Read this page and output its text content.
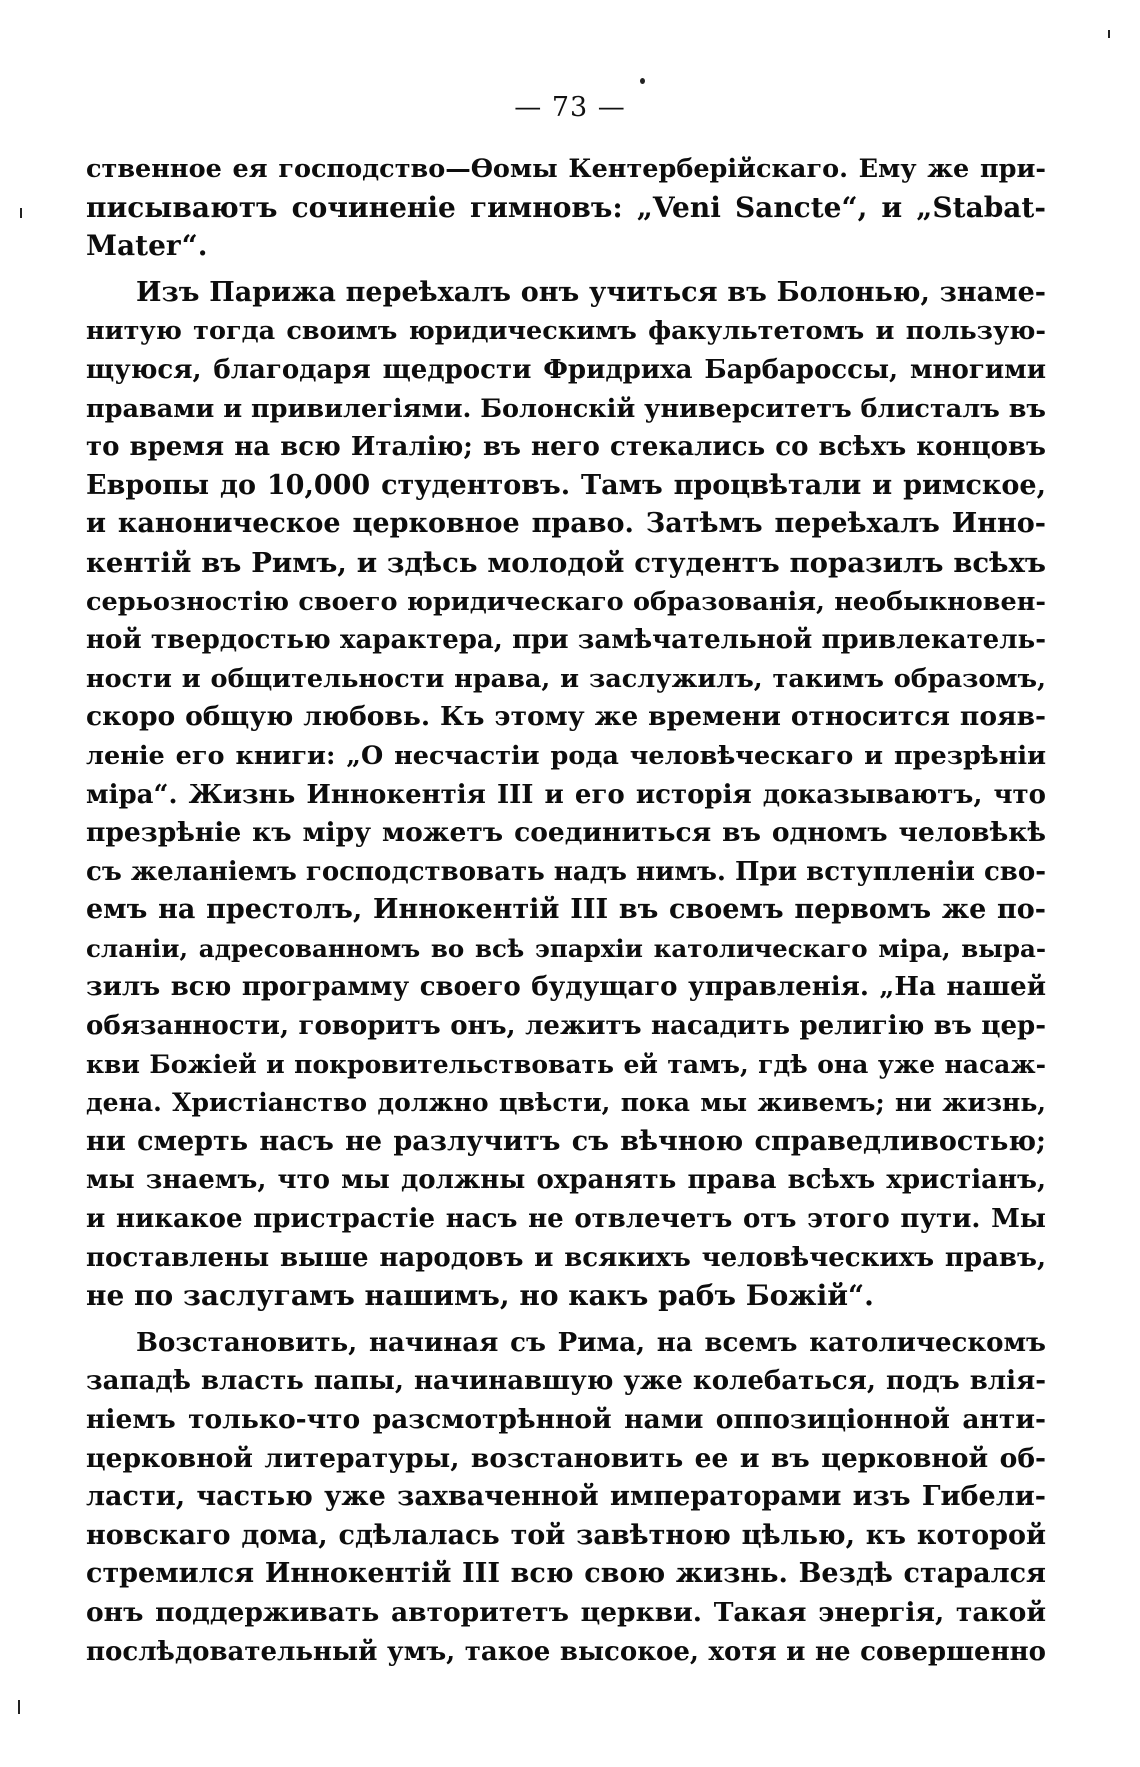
— 73 —
ственное ея господство—Ѳомы Кентерберійскаго. Ему же при-
писываютъ сочиненіе гимновъ: „Veni Sancte“, и „Stabat-
Mater“.
Изъ Парижа переѣхалъ онъ учиться въ Болонью, знаме-
нитую тогда своимъ юридическимъ факультетомъ и пользую-
щуюся, благодаря щедрости Фридриха Барбароссы, многими
правами и привилегіями. Болонскій университетъ блисталъ въ
то время на всю Италію; въ него стекались со всѣхъ концовъ
Европы до 10,000 студентовъ. Тамъ процвѣтали и римское,
и каноническое церковное право. Затѣмъ переѣхалъ Инно-
кентій въ Римъ, и здѣсь молодой студентъ поразилъ всѣхъ
серьозностію своего юридическаго образованія, необыкновен-
ной твердостью характера, при замѣчательной привлекатель-
ности и общительности нрава, и заслужилъ, такимъ образомъ,
скоро общую любовь. Къ этому же времени относится появ-
леніе его книги: „О несчастіи рода человѣческаго и презрѣніи
міра“. Жизнь Иннокентія III и его исторія доказываютъ, что
презрѣніе къ міру можетъ соединиться въ одномъ человѣкѣ
съ желаніемъ господствовать надъ нимъ. При вступленіи сво-
емъ на престолъ, Иннокентій III въ своемъ первомъ же по-
сланіи, адресованномъ во всѣ эпархіи католическаго міра, выра-
зилъ всю программу своего будущаго управленія. „На нашей
обязанности, говоритъ онъ, лежитъ насадить религію въ цер-
кви Божіей и покровительствовать ей тамъ, гдѣ она уже насаж-
дена. Христіанство должно цвѣсти, пока мы живемъ; ни жизнь,
ни смерть насъ не разлучитъ съ вѣчною справедливостью;
мы знаемъ, что мы должны охранять права всѣхъ христіанъ,
и никакое пристрастіе насъ не отвлечетъ отъ этого пути. Мы
поставлены выше народовъ и всякихъ человѣческихъ правъ,
не по заслугамъ нашимъ, но какъ рабъ Божій“.
Возстановить, начиная съ Рима, на всемъ католическомъ
западѣ власть папы, начинавшую уже колебаться, подъ влія-
ніемъ только-что разсмотрѣнной нами оппозиціонной анти-
церковной литературы, возстановить ее и въ церковной об-
ласти, частью уже захваченной императорами изъ Гибели-
новскаго дома, сдѣлалась той завѣтною цѣлью, къ которой
стремился Иннокентій III всю свою жизнь. Вездѣ старался
онъ поддерживать авторитетъ церкви. Такая энергія, такой
послѣдовательный умъ, такое высокое, хотя и не совершенно
